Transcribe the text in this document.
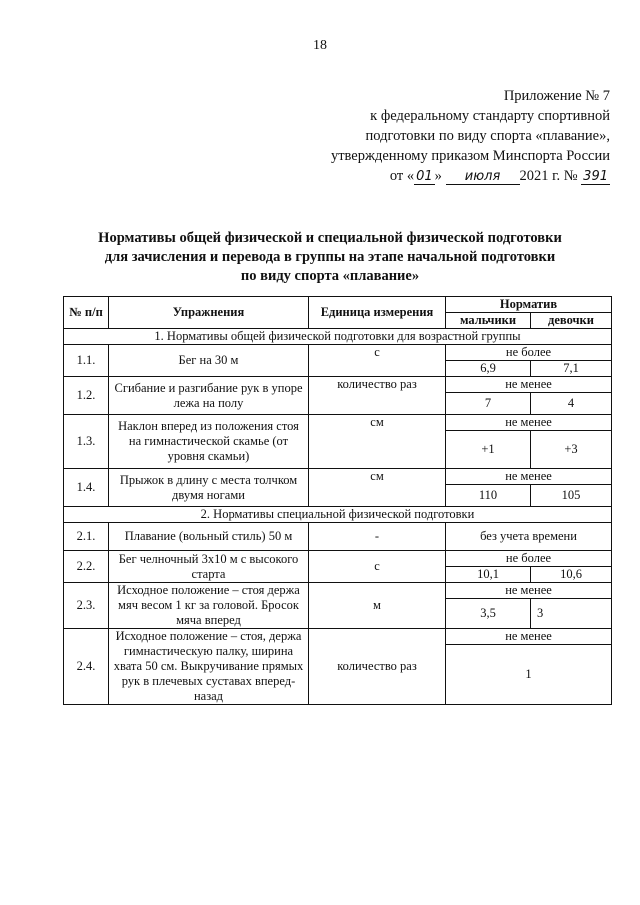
18
Приложение № 7
к федеральному стандарту спортивной
подготовки по виду спорта «плавание»,
утвержденному приказом Минспорта России
от « 01 » июля 2021 г. № 391
Нормативы общей физической и специальной физической подготовки
для зачисления и перевода в группы на этапе начальной подготовки
по виду спорта «плавание»
№ п/п	Упражнения	Единица измерения	Норматив	
			мальчики	девочки
1. Нормативы общей физической подготовки для возрастной группы				
1.1.	Бег на 30 м	с	не более	
			6,9	7,1
1.2.	Сгибание и разгибание рук в упоре лежа на полу	количество раз	не менее	
			7	4
1.3.	Наклон вперед из положения стоя на гимнастической скамье (от уровня скамьи)	см	не менее	
			+1	+3
1.4.	Прыжок в длину с места толчком двумя ногами	см	не менее	
			110	105
2. Нормативы специальной физической подготовки				
2.1.	Плавание (вольный стиль) 50 м	-	без учета времени	
2.2.	Бег челночный 3х10 м с высокого старта	с	не более	
			10,1	10,6
2.3.	Исходное положение – стоя держа мяч весом 1 кг за головой. Бросок мяча вперед	м	не менее	
			3,5	3
2.4.	Исходное положение – стоя, держа гимнастическую палку, ширина хвата 50 см. Выкручивание прямых рук в плечевых суставах вперед-назад	количество раз	не менее	
			1	
